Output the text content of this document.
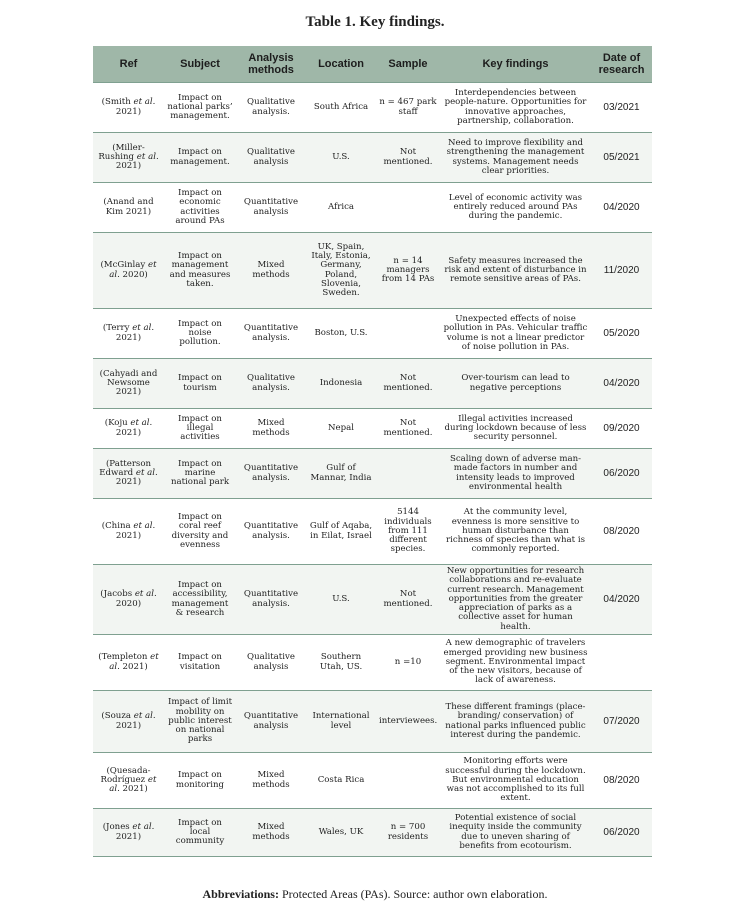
Table 1. Key findings.
Ref	Subject	Analysis methods	Location	Sample	Key findings	Date of research
(Smith et al. 2021)	Impact on national parks’ management.	Qualitative analysis.	South Africa	n = 467 park staff	Interdependencies between people-nature. Opportunities for innovative approaches, partnership, collaboration.	03/2021
(Miller-Rushing et al. 2021)	Impact on management.	Qualitative analysis	U.S.	Not mentioned.	Need to improve flexibility and strengthening the management systems. Management needs clear priorities.	05/2021
(Anand and Kim 2021)	Impact on economic activities around PAs	Quantitative analysis	Africa		Level of economic activity was entirely reduced around PAs during the pandemic.	04/2020
(McGinlay et al. 2020)	Impact on management and measures taken.	Mixed methods	UK, Spain, Italy, Estonia, Germany, Poland, Slovenia, Sweden.	n = 14 managers from 14 PAs	Safety measures increased the risk and extent of disturbance in remote sensitive areas of PAs.	11/2020
(Terry et al. 2021)	Impact on noise pollution.	Quantitative analysis.	Boston, U.S.		Unexpected effects of noise pollution in PAs. Vehicular traffic volume is not a linear predictor of noise pollution in PAs.	05/2020
(Cahyadi and Newsome 2021)	Impact on tourism	Qualitative analysis.	Indonesia	Not mentioned.	Over-tourism can lead to negative perceptions	04/2020
(Koju et al. 2021)	Impact on illegal activities	Mixed methods	Nepal	Not mentioned.	Illegal activities increased during lockdown because of less security personnel.	09/2020
(Patterson Edward et al. 2021)	Impact on marine national park	Quantitative analysis.	Gulf of Mannar, India		Scaling down of adverse man-made factors in number and intensity leads to improved environmental health	06/2020
(China et al. 2021)	Impact on coral reef diversity and evenness	Quantitative analysis.	Gulf of Aqaba, in Eilat, Israel	5144 individuals from 111 different species.	At the community level, evenness is more sensitive to human disturbance than richness of species than what is commonly reported.	08/2020
(Jacobs et al. 2020)	Impact on accessibility, management & research	Quantitative analysis.	U.S.	Not mentioned.	New opportunities for research collaborations and re-evaluate current research. Management opportunities from the greater appreciation of parks as a collective asset for human health.	04/2020
(Templeton et al. 2021)	Impact on visitation	Qualitative analysis	Southern Utah, US.	n =10	A new demographic of travelers emerged providing new business segment. Environmental impact of the new visitors, because of lack of awareness.	
(Souza et al. 2021)	Impact of limit mobility on public interest on national parks	Quantitative analysis	International level	interviewees.	These different framings (place-branding/ conservation) of national parks influenced public interest during the pandemic.	07/2020
(Quesada-Rodríguez et al. 2021)	Impact on monitoring	Mixed methods	Costa Rica		Monitoring efforts were successful during the lockdown. But environmental education was not accomplished to its full extent.	08/2020
(Jones et al. 2021)	Impact on local community	Mixed methods	Wales, UK	n = 700 residents	Potential existence of social inequity inside the community due to uneven sharing of benefits from ecotourism.	06/2020
Abbreviations: Protected Areas (PAs). Source: author own elaboration.
